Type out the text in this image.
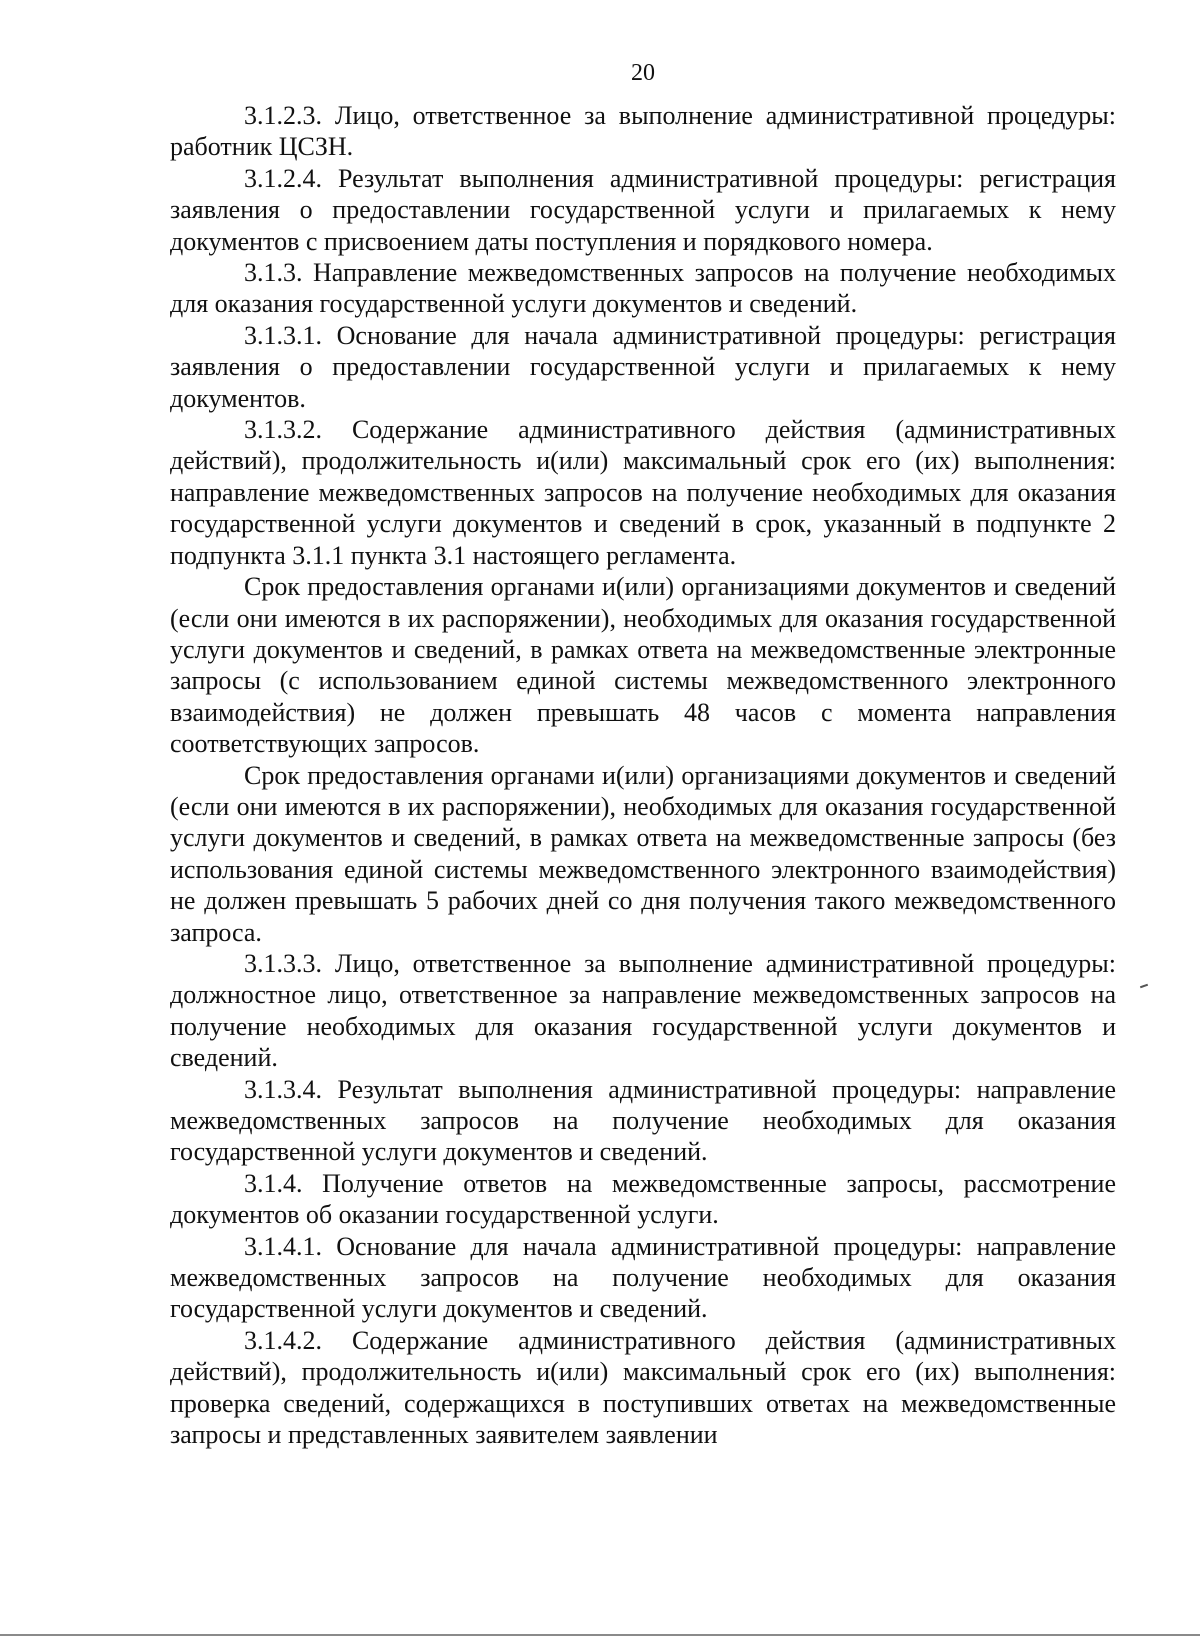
20

3.1.2.3. Лицо, ответственное за выполнение административной процедуры: работник ЦСЗН.

3.1.2.4. Результат выполнения административной процедуры: регистрация заявления о предоставлении государственной услуги и прилагаемых к нему документов с присвоением даты поступления и порядкового номера.

3.1.3. Направление межведомственных запросов на получение необходимых для оказания государственной услуги документов и сведений.

3.1.3.1. Основание для начала административной процедуры: регистрация заявления о предоставлении государственной услуги и прилагаемых к нему документов.

3.1.3.2. Содержание административного действия (административных действий), продолжительность и(или) максимальный срок его (их) выполнения: направление межведомственных запросов на получение необходимых для оказания государственной услуги документов и сведений в срок, указанный в подпункте 2 подпункта 3.1.1 пункта 3.1 настоящего регламента.

Срок предоставления органами и(или) организациями документов и сведений (если они имеются в их распоряжении), необходимых для оказания государственной услуги документов и сведений, в рамках ответа на межведомственные электронные запросы (с использованием единой системы межведомственного электронного взаимодействия) не должен превышать 48 часов с момента направления соответствующих запросов.

Срок предоставления органами и(или) организациями документов и сведений (если они имеются в их распоряжении), необходимых для оказания государственной услуги документов и сведений, в рамках ответа на межведомственные запросы (без использования единой системы межведомственного электронного взаимодействия) не должен превышать 5 рабочих дней со дня получения такого межведомственного запроса.

3.1.3.3. Лицо, ответственное за выполнение административной процедуры: должностное лицо, ответственное за направление межведомственных запросов на получение необходимых для оказания государственной услуги документов и сведений.

3.1.3.4. Результат выполнения административной процедуры: направление межведомственных запросов на получение необходимых для оказания государственной услуги документов и сведений.

3.1.4. Получение ответов на межведомственные запросы, рассмотрение документов об оказании государственной услуги.

3.1.4.1. Основание для начала административной процедуры: направление межведомственных запросов на получение необходимых для оказания государственной услуги документов и сведений.

3.1.4.2. Содержание административного действия (административных действий), продолжительность и(или) максимальный срок его (их) выполнения: проверка сведений, содержащихся в поступивших ответах на межведомственные запросы и представленных заявителем заявлении
